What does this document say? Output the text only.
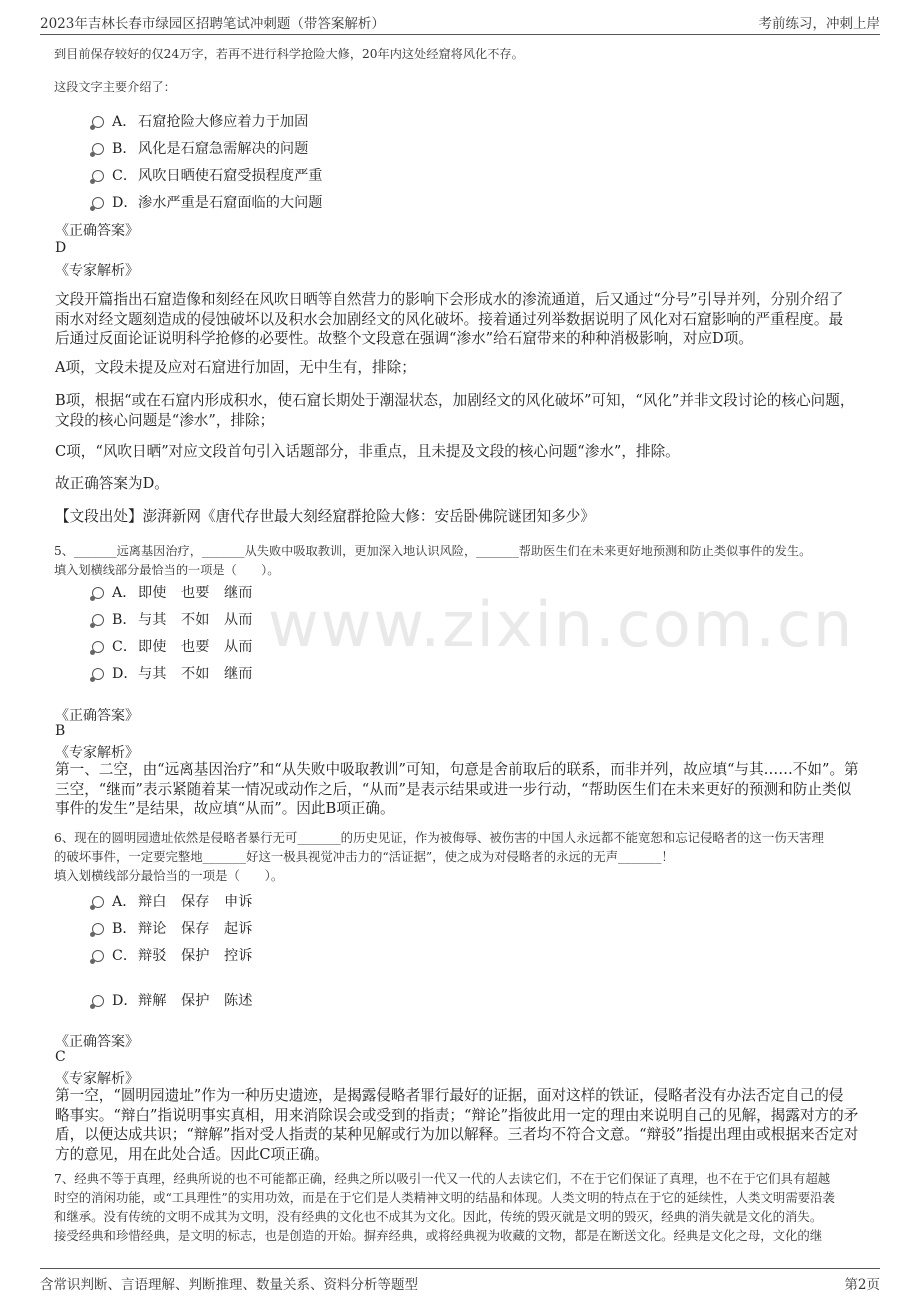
2023年吉林长春市绿园区招聘笔试冲刺题（带答案解析）	考前练习，冲刺上岸
www.zixin.com.cn
到目前保存较好的仅24万字，若再不进行科学抢险大修，20年内这处经窟将风化不存。
这段文字主要介绍了：
A． 石窟抢险大修应着力于加固
B．风化是石窟急需解决的问题
C．风吹日晒使石窟受损程度严重
D．渗水严重是石窟面临的大问题
《正确答案》
D
《专家解析》

文段开篇指出石窟造像和刻经在风吹日晒等自然营力的影响下会形成水的渗流通道，后又通过“分号”引导并列，分别介绍了

雨水对经文题刻造成的侵蚀破坏以及积水会加剧经文的风化破坏。接着通过列举数据说明了风化对石窟影响的严重程度。最

后通过反面论证说明科学抢修的必要性。故整个文段意在强调“渗水”给石窟带来的种种消极影响，对应D项。

A项，文段未提及应对石窟进行加固，无中生有，排除；

B项，根据“或在石窟内形成积水，使石窟长期处于潮湿状态，加剧经文的风化破坏”可知，“风化”并非文段讨论的核心问题，

文段的核心问题是“渗水”，排除；

C项，“风吹日晒”对应文段首句引入话题部分，非重点，且未提及文段的核心问题“渗水”，排除。

故正确答案为D。

【文段出处】澎湃新网《唐代存世最大刻经窟群抢险大修：安岳卧佛院谜团知多少》

5、_______远离基因治疗，_______从失败中吸取教训，更加深入地认识风险，_______帮助医生们在未来更好地预测和防止类似事件的发生。
填入划横线部分最恰当的一项是（　　）。
A． 即使 也要 继而
B．与其 不如 从而
C．即使 也要 从而
D．与其 不如 继而
《正确答案》
B
《专家解析》

第一、二空，由“远离基因治疗”和“从失败中吸取教训”可知，句意是舍前取后的联系，而非并列，故应填“与其……不如”。第

三空，“继而”表示紧随着某一情况或动作之后，“从而”是表示结果或进一步行动，“帮助医生们在未来更好的预测和防止类似

事件的发生”是结果，故应填“从而”。因此B项正确。

6、现在的圆明园遗址依然是侵略者暴行无可_______的历史见证，作为被侮辱、被伤害的中国人永远都不能宽恕和忘记侵略者的这一伤天害理

的破坏事件，一定要完整地_______好这一极具视觉冲击力的“活证据”，使之成为对侵略者的永远的无声_______！

填入划横线部分最恰当的一项是（　　）。

A． 辩白 保存 申诉
B．辩论 保存 起诉
C．辩驳 保护 控诉
D．辩解 保护 陈述
《正确答案》
C
《专家解析》

第一空，“圆明园遗址”作为一种历史遗迹，是揭露侵略者罪行最好的证据，面对这样的铁证，侵略者没有办法否定自己的侵

略事实。“辩白”指说明事实真相，用来消除误会或受到的指责；“辩论”指彼此用一定的理由来说明自己的见解，揭露对方的矛

盾，以便达成共识；“辩解”指对受人指责的某种见解或行为加以解释。三者均不符合文意。“辩驳”指提出理由或根据来否定对

方的意见，用在此处合适。因此C项正确。

7、经典不等于真理，经典所说的也不可能都正确，经典之所以吸引一代又一代的人去读它们，不在于它们保证了真理，也不在于它们具有超越

时空的消闲功能，或“工具理性”的实用功效，而是在于它们是人类精神文明的结晶和体现。人类文明的特点在于它的延续性，人类文明需要沿袭

和继承。没有传统的文明不成其为文明，没有经典的文化也不成其为文化。因此，传统的毁灭就是文明的毁灭，经典的消失就是文化的消失。

接受经典和珍惜经典，是文明的标志，也是创造的开始。摒弃经典，或将经典视为收藏的文物，都是在断送文化。经典是文化之母，文化的继

含常识判断、言语理解、判断推理、数量关系、资料分析等题型	第2页
